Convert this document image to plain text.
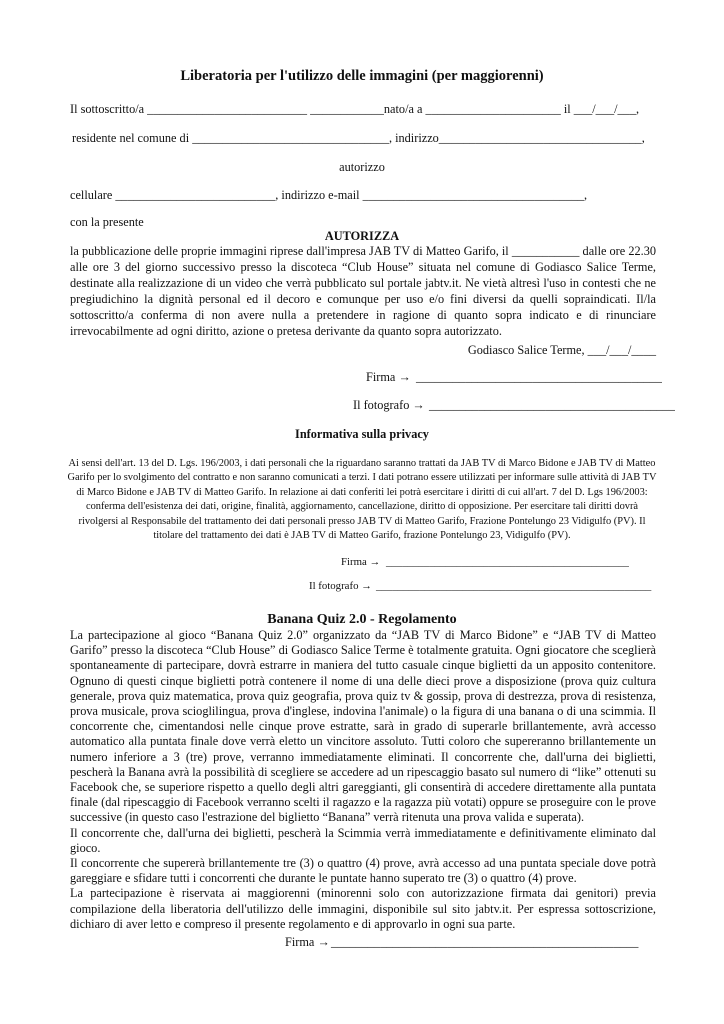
Liberatoria per l'utilizzo delle immagini (per maggiorenni)
Il sottoscritto/a __________________________ ____________nato/a a ______________________ il ___/___/___,
residente nel comune di ________________________________, indirizzo_________________________________,
autorizzo
cellulare __________________________, indirizzo e-mail ____________________________________,
con la presente
AUTORIZZA
la pubblicazione delle proprie immagini riprese dall'impresa JAB TV di Matteo Garifo, il ___________ dalle ore 22.30 alle ore 3 del giorno successivo presso la discoteca “Club House” situata nel comune di Godiasco Salice Terme, destinate alla realizzazione di un video che verrà pubblicato sul portale jabtv.it. Ne vietà altresì l'uso in contesti che ne pregiudichino la dignità personal ed il decoro e comunque per uso e/o fini diversi da quelli sopraindicati. Il/la sottoscritto/a conferma di non avere nulla a pretendere in ragione di quanto sopra indicato e di rinunciare irrevocabilmente ad ogni diritto, azione o pretesa derivante da quanto sopra autorizzato.
Godiasco Salice Terme, ___/___/____
Firma → ________________________________________
Il fotografo → ________________________________________
Informativa sulla privacy
Ai sensi dell'art. 13 del D. Lgs. 196/2003, i dati personali che la riguardano saranno trattati da JAB TV di Marco Bidone e JAB TV di Matteo Garifo per lo svolgimento del contratto e non saranno comunicati a terzi. I dati potrano essere utilizzati per informare sulle attività di JAB TV di Marco Bidone e JAB TV di Matteo Garifo. In relazione ai dati conferiti lei potrà esercitare i diritti di cui all'art. 7 del D. Lgs 196/2003: conferma dell'esistenza dei dati, origine, finalità, aggiornamento, cancellazione, diritto di opposizione. Per esercitare tali diritti dovrà rivolgersi al Responsabile del trattamento dei dati personali presso JAB TV di Matteo Garifo, Frazione Pontelungo 23 Vidigulfo (PV). Il titolare del trattamento dei dati è JAB TV di Matteo Garifo, frazione Pontelungo 23, Vidigulfo (PV).
Firma → _____________________________________________
Il fotografo → ___________________________________________________
Banana Quiz 2.0 - Regolamento

La partecipazione al gioco “Banana Quiz 2.0” organizzato da “JAB TV di Marco Bidone” e “JAB TV di Matteo Garifo” presso la discoteca “Club House” di Godiasco Salice Terme è totalmente gratuita. Ogni giocatore che sceglierà spontaneamente di partecipare, dovrà estrarre in maniera del tutto casuale cinque biglietti da un apposito contenitore. Ognuno di questi cinque biglietti potrà contenere il nome di una delle dieci prove a disposizione (prova quiz cultura generale, prova quiz matematica, prova quiz geografia, prova quiz tv & gossip, prova di destrezza, prova di resistenza, prova musicale, prova scioglilingua, prova d'inglese, indovina l'animale) o la figura di una banana o di una scimmia. Il concorrente che, cimentandosi nelle cinque prove estratte, sarà in grado di superarle brillantemente, avrà accesso automatico alla puntata finale dove verrà eletto un vincitore assoluto. Tutti coloro che supereranno brillantemente un numero inferiore a 3 (tre) prove, verranno immediatamente eliminati. Il concorrente che, dall'urna dei biglietti, pescherà la Banana avrà la possibilità di scegliere se accedere ad un ripescaggio basato sul numero di “like” ottenuti su Facebook che, se superiore rispetto a quello degli altri gareggianti, gli consentirà di accedere direttamente alla puntata finale (dal ripescaggio di Facebook verranno scelti il ragazzo e la ragazza più votati) oppure se proseguire con le prove successive (in questo caso l'estrazione del biglietto “Banana” verrà ritenuta una prova valida e superata).

Il concorrente che, dall'urna dei biglietti, pescherà la Scimmia verrà immediatamente e definitivamente eliminato dal gioco.

Il concorrente che supererà brillantemente tre (3) o quattro (4) prove, avrà accesso ad una puntata speciale dove potrà gareggiare e sfidare tutti i concorrenti che durante le puntate hanno superato tre (3) o quattro (4) prove.

La partecipazione è riservata ai maggiorenni (minorenni solo con autorizzazione firmata dai genitori) previa compilazione della liberatoria dell'utilizzo delle immagini, disponibile sul sito jabtv.it. Per espressa sottoscrizione, dichiaro di aver letto e compreso il presente regolamento e di approvarlo in ogni sua parte.

Firma → __________________________________________________
